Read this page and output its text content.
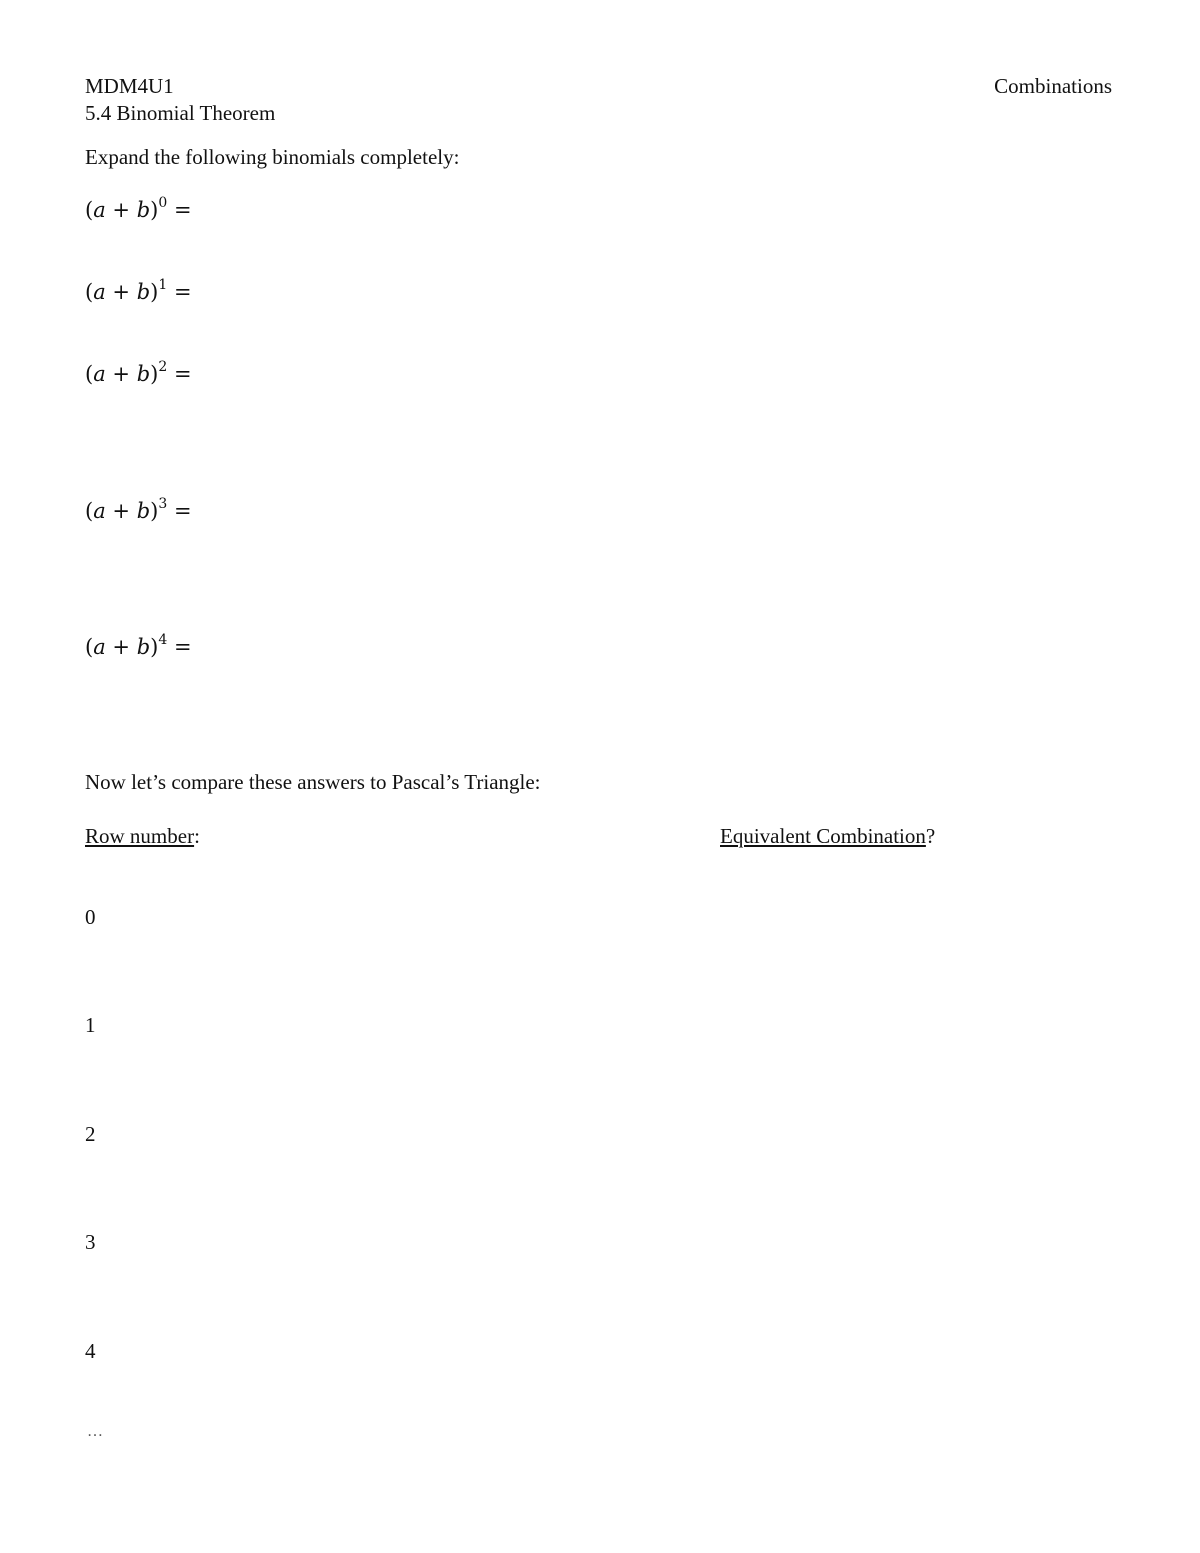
MDM4U1	Combinations
5.4 Binomial Theorem
Expand the following binomials completely:
$(a + b)^0$ =
$(a + b)^1$ =
$(a + b)^2$ =
$(a + b)^3$ =
$(a + b)^4$ =
Now let’s compare these answers to Pascal’s Triangle:
Row number:	Equivalent Combination?
0
1
2
3
4
…
